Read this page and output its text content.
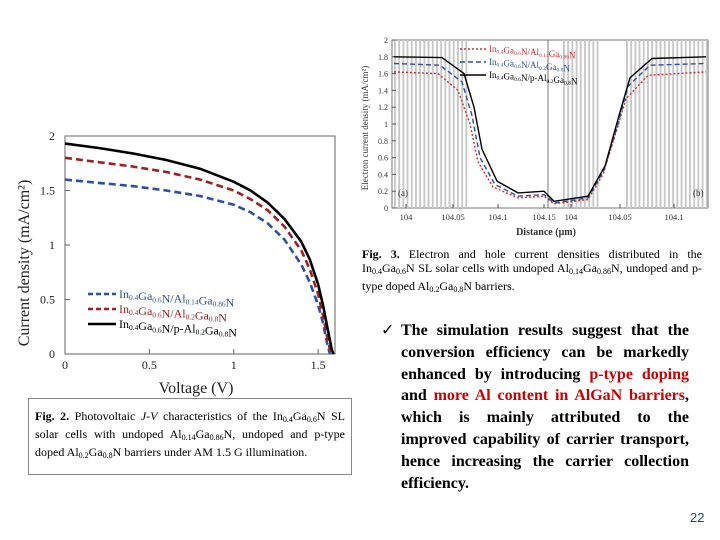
0	0.5	1	1.5
0
0.5
1
1.5
2
In0.4Ga0.6N/Al0.14Ga0.86N
In0.4Ga0.6N/Al0.2Ga0.8N
In0.4Ga0.6N/p-Al0.2Ga0.8N
Current density (mA/cm²)
Voltage (V)
Fig. 2. Photovoltaic J-V characteristics of the $In_{0.4}Ga_{0.6}N$ SL solar cells with undoped $Al_{0.14}Ga_{0.86}N$, undoped and p-type doped $Al_{0.2}Ga_{0.8}N$ barriers under AM 1.5 G illumination.
0
0.2
0.4
0.6
0.8
1
1.2
1.4
1.6
1.8
2
104	104.05	104.1	104.15 104	104.05	104.1
(a)	(b)
In0.4Ga0.6N/Al0.14Ga0.86N
In0.4Ga0.6N/Al0.2Ga0.8N
In0.4Ga0.6N/p-Al0.2Ga0.8N
Electron current density (mA/cm²)
Distance (μm)
Fig. 3. Electron and hole current densities distributed in the $In_{0.4}Ga_{0.6}N$ SL solar cells with undoped $Al_{0.14}Ga_{0.86}N$, undoped and p-type doped $Al_{0.2}Ga_{0.8}N$ barriers.
✓ The simulation results suggest that the conversion efficiency can be markedly enhanced by introducing p-type doping and more Al content in AlGaN barriers, which is mainly attributed to the improved capability of carrier transport, hence increasing the carrier collection efficiency.
22
